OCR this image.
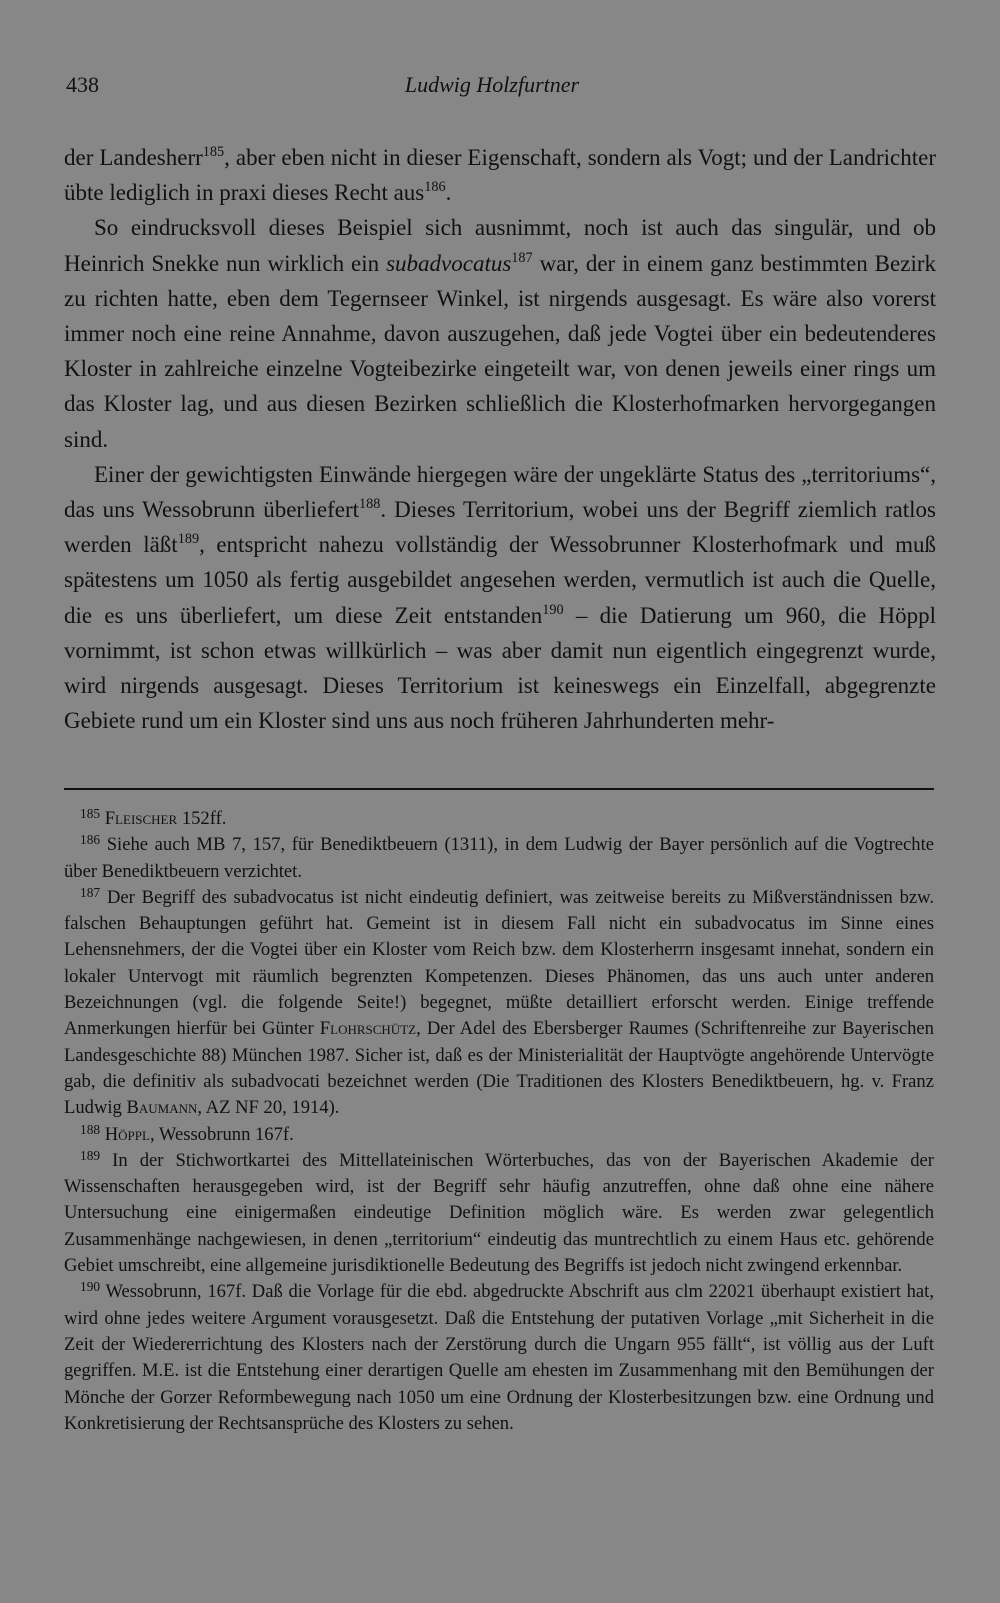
438	Ludwig Holzfurtner

der Landesherr$^{185}$, aber eben nicht in dieser Eigenschaft, sondern als Vogt; und der Landrichter übte lediglich in praxi dieses Recht aus$^{186}$.

So eindrucksvoll dieses Beispiel sich ausnimmt, noch ist auch das singulär, und ob Heinrich Snekke nun wirklich ein subadvocatus$^{187}$ war, der in einem ganz bestimmten Bezirk zu richten hatte, eben dem Tegernseer Winkel, ist nirgends ausgesagt. Es wäre also vorerst immer noch eine reine Annahme, davon auszugehen, daß jede Vogtei über ein bedeutenderes Kloster in zahlreiche einzelne Vogteibezirke eingeteilt war, von denen jeweils einer rings um das Kloster lag, und aus diesen Bezirken schließlich die Klosterhofmarken hervorgegangen sind.

Einer der gewichtigsten Einwände hiergegen wäre der ungeklärte Status des „territoriums“, das uns Wessobrunn überliefert$^{188}$. Dieses Territorium, wobei uns der Begriff ziemlich ratlos werden läßt$^{189}$, entspricht nahezu vollständig der Wessobrunner Klosterhofmark und muß spätestens um 1050 als fertig ausgebildet angesehen werden, vermutlich ist auch die Quelle, die es uns überliefert, um diese Zeit entstanden$^{190}$ – die Datierung um 960, die Höppl vornimmt, ist schon etwas willkürlich – was aber damit nun eigentlich eingegrenzt wurde, wird nirgends ausgesagt. Dieses Territorium ist keineswegs ein Einzelfall, abgegrenzte Gebiete rund um ein Kloster sind uns aus noch früheren Jahrhunderten mehr-

$^{185}$ Fleischer 152ff.

$^{186}$ Siehe auch MB 7, 157, für Benediktbeuern (1311), in dem Ludwig der Bayer persönlich auf die Vogtrechte über Benediktbeuern verzichtet.

$^{187}$ Der Begriff des subadvocatus ist nicht eindeutig definiert, was zeitweise bereits zu Mißverständnissen bzw. falschen Behauptungen geführt hat. Gemeint ist in diesem Fall nicht ein subadvocatus im Sinne eines Lehensnehmers, der die Vogtei über ein Kloster vom Reich bzw. dem Klosterherrn insgesamt innehat, sondern ein lokaler Untervogt mit räumlich begrenzten Kompetenzen. Dieses Phänomen, das uns auch unter anderen Bezeichnungen (vgl. die folgende Seite!) begegnet, müßte detailliert erforscht werden. Einige treffende Anmerkungen hierfür bei Günter Flohrschütz, Der Adel des Ebersberger Raumes (Schriftenreihe zur Bayerischen Landesgeschichte 88) München 1987. Sicher ist, daß es der Ministerialität der Hauptvögte angehörende Untervögte gab, die definitiv als subadvocati bezeichnet werden (Die Traditionen des Klosters Benediktbeuern, hg. v. Franz Ludwig Baumann, AZ NF 20, 1914).

$^{188}$ Höppl, Wessobrunn 167f.

$^{189}$ In der Stichwortkartei des Mittellateinischen Wörterbuches, das von der Bayerischen Akademie der Wissenschaften herausgegeben wird, ist der Begriff sehr häufig anzutreffen, ohne daß ohne eine nähere Untersuchung eine einigermaßen eindeutige Definition möglich wäre. Es werden zwar gelegentlich Zusammenhänge nachgewiesen, in denen „territorium“ eindeutig das muntrechtlich zu einem Haus etc. gehörende Gebiet umschreibt, eine allgemeine jurisdiktionelle Bedeutung des Begriffs ist jedoch nicht zwingend erkennbar.

$^{190}$ Wessobrunn, 167f. Daß die Vorlage für die ebd. abgedruckte Abschrift aus clm 22021 überhaupt existiert hat, wird ohne jedes weitere Argument vorausgesetzt. Daß die Entstehung der putativen Vorlage „mit Sicherheit in die Zeit der Wiedererrichtung des Klosters nach der Zerstörung durch die Ungarn 955 fällt“, ist völlig aus der Luft gegriffen. M.E. ist die Entstehung einer derartigen Quelle am ehesten im Zusammenhang mit den Bemühungen der Mönche der Gorzer Reformbewegung nach 1050 um eine Ordnung der Klosterbesitzungen bzw. eine Ordnung und Konkretisierung der Rechtsansprüche des Klosters zu sehen.
